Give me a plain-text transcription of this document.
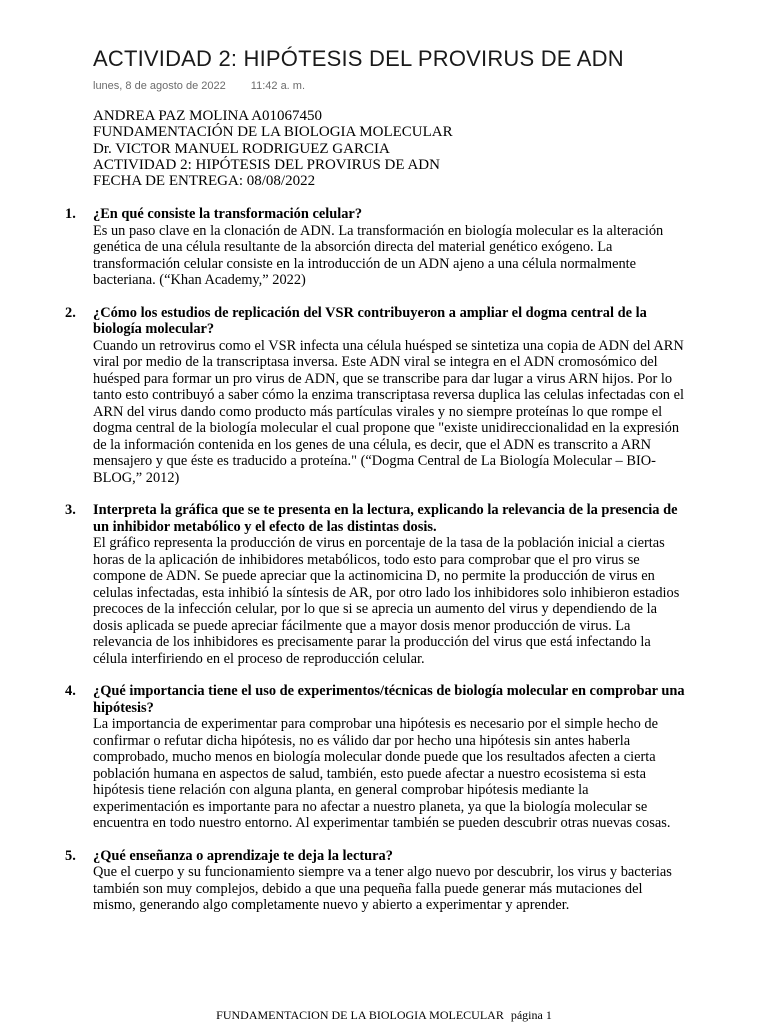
ACTIVIDAD 2: HIPÓTESIS DEL PROVIRUS DE ADN
lunes, 8 de agosto de 2022 11:42 a. m.
ANDREA PAZ MOLINA A01067450
FUNDAMENTACIÓN DE LA BIOLOGIA MOLECULAR
Dr. VICTOR MANUEL RODRIGUEZ GARCIA
ACTIVIDAD 2: HIPÓTESIS DEL PROVIRUS DE ADN
FECHA DE ENTREGA: 08/08/2022
1. ¿En qué consiste la transformación celular?
Es un paso clave en la clonación de ADN. La transformación en biología molecular es la alteración genética de una célula resultante de la absorción directa del material genético exógeno. La transformación celular consiste en la introducción de un ADN ajeno a una célula normalmente bacteriana. (“Khan Academy,” 2022)
2. ¿Cómo los estudios de replicación del VSR contribuyeron a ampliar el dogma central de la biología molecular?
Cuando un retrovirus como el VSR infecta una célula huésped se sintetiza una copia de ADN del ARN viral por medio de la transcriptasa inversa. Este ADN viral se integra en el ADN cromosómico del huésped para formar un pro virus de ADN, que se transcribe para dar lugar a virus ARN hijos. Por lo tanto esto contribuyó a saber cómo la enzima transcriptasa reversa duplica las celulas infectadas con el ARN del virus dando como producto más partículas virales y no siempre proteínas lo que rompe el dogma central de la biología molecular el cual propone que "existe unidireccionalidad en la expresión de la información contenida en los genes de una célula, es decir, que el ADN es transcrito a ARN mensajero y que éste es traducido a proteína." (“Dogma Central de La Biología Molecular – BIO-BLOG,” 2012)
3. Interpreta la gráfica que se te presenta en la lectura, explicando la relevancia de la presencia de un inhibidor metabólico y el efecto de las distintas dosis.
El gráfico representa la producción de virus en porcentaje de la tasa de la población inicial a ciertas horas de la aplicación de inhibidores metabólicos, todo esto para comprobar que el pro virus se compone de ADN. Se puede apreciar que la actinomicina D, no permite la producción de virus en celulas infectadas, esta inhibió la síntesis de AR, por otro lado los inhibidores solo inhibieron estadios precoces de la infección celular, por lo que si se aprecia un aumento del virus y dependiendo de la dosis aplicada se puede apreciar fácilmente que a mayor dosis menor producción de virus. La relevancia de los inhibidores es precisamente parar la producción del virus que está infectando la célula interfiriendo en el proceso de reproducción celular.
4. ¿Qué importancia tiene el uso de experimentos/técnicas de biología molecular en comprobar una hipótesis?
La importancia de experimentar para comprobar una hipótesis es necesario por el simple hecho de confirmar o refutar dicha hipótesis, no es válido dar por hecho una hipótesis sin antes haberla comprobado, mucho menos en biología molecular donde puede que los resultados afecten a cierta población humana en aspectos de salud, también, esto puede afectar a nuestro ecosistema si esta hipótesis tiene relación con alguna planta, en general comprobar hipótesis mediante la experimentación es importante para no afectar a nuestro planeta, ya que la biología molecular se encuentra en todo nuestro entorno. Al experimentar también se pueden descubrir otras nuevas cosas.
5. ¿Qué enseñanza o aprendizaje te deja la lectura?
Que el cuerpo y su funcionamiento siempre va a tener algo nuevo por descubrir, los virus y bacterias también son muy complejos, debido a que una pequeña falla puede generar más mutaciones del mismo, generando algo completamente nuevo y abierto a experimentar y aprender.
FUNDAMENTACION DE LA BIOLOGIA MOLECULAR página 1
